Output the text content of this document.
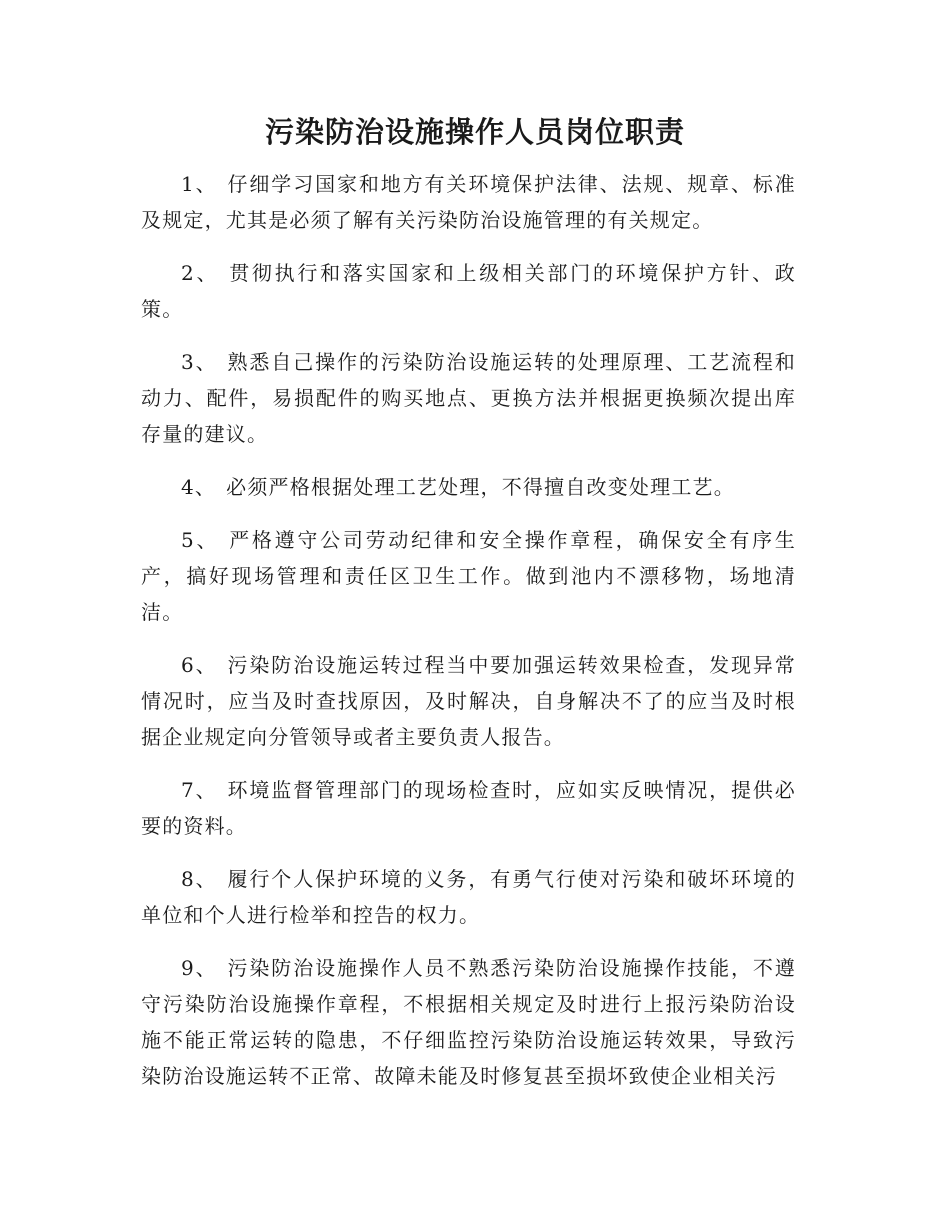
污染防治设施操作人员岗位职责

1、 仔细学习国家和地方有关环境保护法律、法规、规章、标准及规定，尤其是必须了解有关污染防治设施管理的有关规定。

2、 贯彻执行和落实国家和上级相关部门的环境保护方针、政策。

3、 熟悉自己操作的污染防治设施运转的处理原理、工艺流程和动力、配件，易损配件的购买地点、更换方法并根据更换频次提出库存量的建议。

4、 必须严格根据处理工艺处理，不得擅自改变处理工艺。

5、 严格遵守公司劳动纪律和安全操作章程，确保安全有序生产，搞好现场管理和责任区卫生工作。做到池内不漂移物，场地清洁。

6、 污染防治设施运转过程当中要加强运转效果检查，发现异常情况时，应当及时查找原因，及时解决，自身解决不了的应当及时根据企业规定向分管领导或者主要负责人报告。

7、 环境监督管理部门的现场检查时，应如实反映情况，提供必要的资料。

8、 履行个人保护环境的义务，有勇气行使对污染和破坏环境的单位和个人进行检举和控告的权力。

9、 污染防治设施操作人员不熟悉污染防治设施操作技能，不遵守污染防治设施操作章程，不根据相关规定及时进行上报污染防治设施不能正常运转的隐患，不仔细监控污染防治设施运转效果，导致污染防治设施运转不正常、故障未能及时修复甚至损坏致使企业相关污
